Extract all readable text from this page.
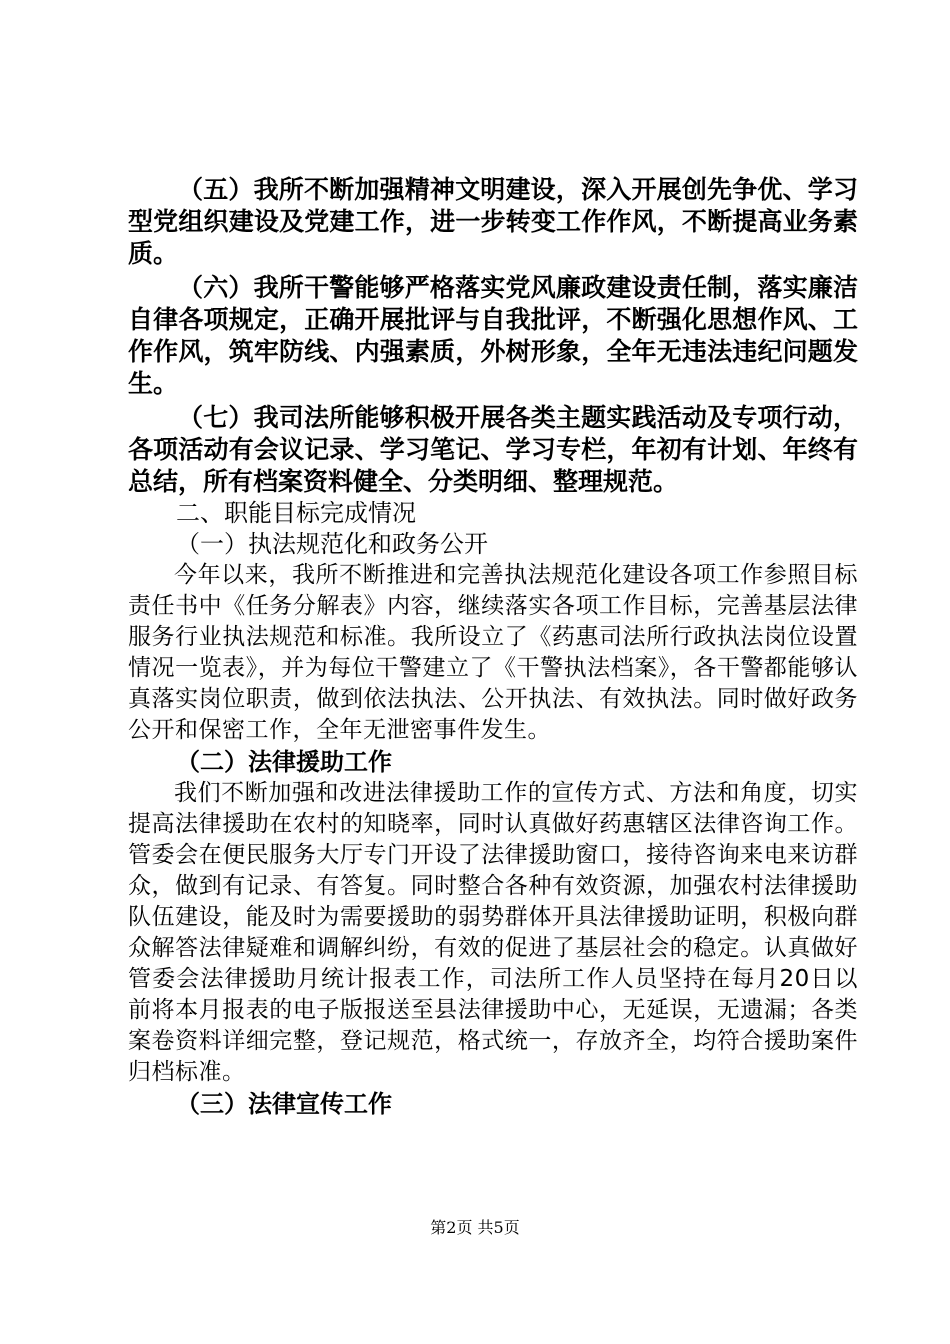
（五）我所不断加强精神文明建设，深入开展创先争优、学习型党组织建设及党建工作，进一步转变工作作风，不断提高业务素质。

（六）我所干警能够严格落实党风廉政建设责任制，落实廉洁自律各项规定，正确开展批评与自我批评，不断强化思想作风、工作作风，筑牢防线、内强素质，外树形象，全年无违法违纪问题发生。

（七）我司法所能够积极开展各类主题实践活动及专项行动，各项活动有会议记录、学习笔记、学习专栏，年初有计划、年终有总结，所有档案资料健全、分类明细、整理规范。

二、职能目标完成情况

（一）执法规范化和政务公开

今年以来，我所不断推进和完善执法规范化建设各项工作参照目标责任书中《任务分解表》内容，继续落实各项工作目标，完善基层法律服务行业执法规范和标准。我所设立了《药惠司法所行政执法岗位设置情况一览表》，并为每位干警建立了《干警执法档案》，各干警都能够认真落实岗位职责，做到依法执法、公开执法、有效执法。同时做好政务公开和保密工作，全年无泄密事件发生。

（二）法律援助工作

我们不断加强和改进法律援助工作的宣传方式、方法和角度，切实提高法律援助在农村的知晓率，同时认真做好药惠辖区法律咨询工作。管委会在便民服务大厅专门开设了法律援助窗口，接待咨询来电来访群众，做到有记录、有答复。同时整合各种有效资源，加强农村法律援助队伍建设，能及时为需要援助的弱势群体开具法律援助证明，积极向群众解答法律疑难和调解纠纷，有效的促进了基层社会的稳定。认真做好管委会法律援助月统计报表工作，司法所工作人员坚持在每月20日以前将本月报表的电子版报送至县法律援助中心，无延误，无遗漏；各类案卷资料详细完整，登记规范，格式统一，存放齐全，均符合援助案件归档标准。

（三）法律宣传工作

第2页 共5页
